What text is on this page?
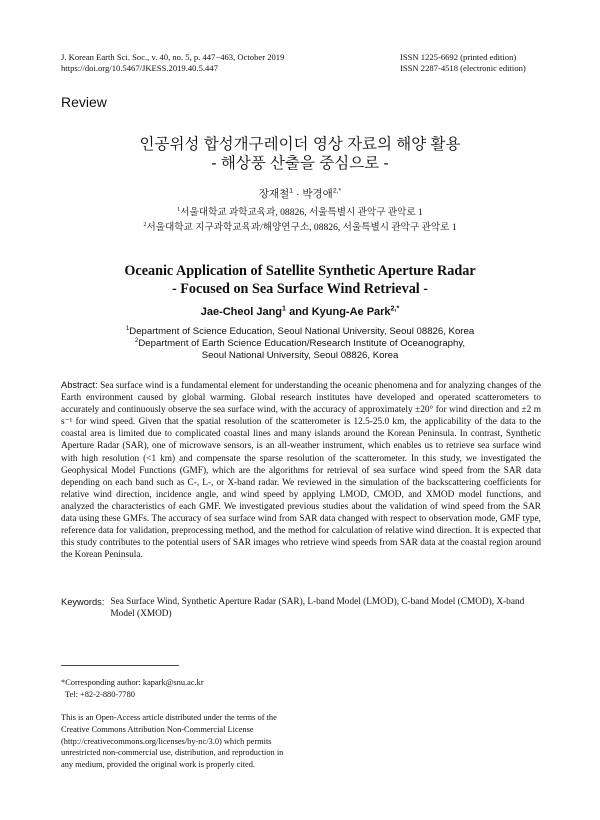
J. Korean Earth Sci. Soc., v. 40, no. 5, p. 447−463, October 2019
https://doi.org/10.5467/JKESS.2019.40.5.447
ISSN 1225-6692 (printed edition)
ISSN 2287-4518 (electronic edition)
Review
인공위성 합성개구레이더 영상 자료의 해양 활용
- 해상풍 산출을 중심으로 -
장재철$^1$ · 박경애$^{2,*}$
$^1$서울대학교 과학교육과, 08826, 서울특별시 관악구 관악로 1
$^2$서울대학교 지구과학교육과/해양연구소, 08826, 서울특별시 관악구 관악로 1
Oceanic Application of Satellite Synthetic Aperture Radar
- Focused on Sea Surface Wind Retrieval -
Jae-Cheol Jang$^1$ and Kyung-Ae Park$^{2,*}$
$^1$Department of Science Education, Seoul National University, Seoul 08826, Korea
$^2$Department of Earth Science Education/Research Institute of Oceanography,
Seoul National University, Seoul 08826, Korea
Abstract: Sea surface wind is a fundamental element for understanding the oceanic phenomena and for analyzing changes of the Earth environment caused by global warming. Global research institutes have developed and operated scatterometers to accurately and continuously observe the sea surface wind, with the accuracy of approximately ±20° for wind direction and ±2 m s⁻¹ for wind speed. Given that the spatial resolution of the scatterometer is 12.5-25.0 km, the applicability of the data to the coastal area is limited due to complicated coastal lines and many islands around the Korean Peninsula. In contrast, Synthetic Aperture Radar (SAR), one of microwave sensors, is an all-weather instrument, which enables us to retrieve sea surface wind with high resolution (<1 km) and compensate the sparse resolution of the scatterometer. In this study, we investigated the Geophysical Model Functions (GMF), which are the algorithms for retrieval of sea surface wind speed from the SAR data depending on each band such as C-, L-, or X-band radar. We reviewed in the simulation of the backscattering coefficients for relative wind direction, incidence angle, and wind speed by applying LMOD, CMOD, and XMOD model functions, and analyzed the characteristics of each GMF. We investigated previous studies about the validation of wind speed from the SAR data using these GMFs. The accuracy of sea surface wind from SAR data changed with respect to observation mode, GMF type, reference data for validation, preprocessing method, and the method for calculation of relative wind direction. It is expected that this study contributes to the potential users of SAR images who retrieve wind speeds from SAR data at the coastal region around the Korean Peninsula.
Keywords: Sea Surface Wind, Synthetic Aperture Radar (SAR), L-band Model (LMOD), C-band Model (CMOD), X-band Model (XMOD)
*Corresponding author: kapark@snu.ac.kr
Tel: +82-2-880-7780
This is an Open-Access article distributed under the terms of the Creative Commons Attribution Non-Commercial License (http://creativecommons.org/licenses/by-nc/3.0) which permits unrestricted non-commercial use, distribution, and reproduction in any medium, provided the original work is properly cited.
